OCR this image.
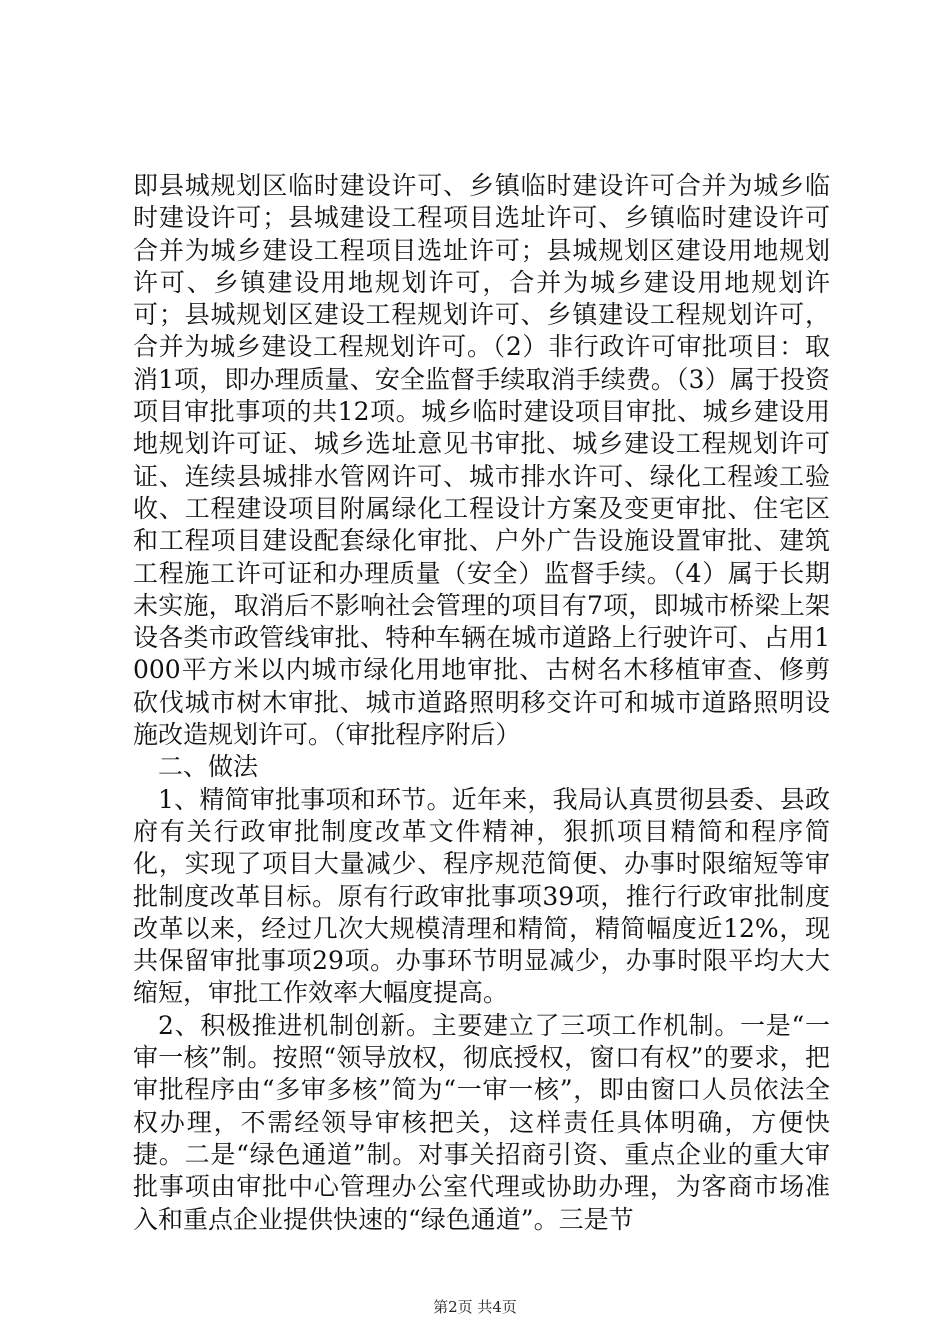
即县城规划区临时建设许可、乡镇临时建设许可合并为城乡临时建设许可；县城建设工程项目选址许可、乡镇临时建设许可合并为城乡建设工程项目选址许可；县城规划区建设用地规划许可、乡镇建设用地规划许可，合并为城乡建设用地规划许可；县城规划区建设工程规划许可、乡镇建设工程规划许可，合并为城乡建设工程规划许可。（2）非行政许可审批项目：取消1项，即办理质量、安全监督手续取消手续费。（3）属于投资项目审批事项的共12项。城乡临时建设项目审批、城乡建设用地规划许可证、城乡选址意见书审批、城乡建设工程规划许可证、连续县城排水管网许可、城市排水许可、绿化工程竣工验收、工程建设项目附属绿化工程设计方案及变更审批、住宅区和工程项目建设配套绿化审批、户外广告设施设置审批、建筑工程施工许可证和办理质量（安全）监督手续。（4）属于长期未实施，取消后不影响社会管理的项目有7项，即城市桥梁上架设各类市政管线审批、特种车辆在城市道路上行驶许可、占用1000平方米以内城市绿化用地审批、古树名木移植审查、修剪砍伐城市树木审批、城市道路照明移交许可和城市道路照明设施改造规划许可。（审批程序附后）

二、做法

1、精简审批事项和环节。近年来，我局认真贯彻县委、县政府有关行政审批制度改革文件精神，狠抓项目精简和程序简化，实现了项目大量减少、程序规范简便、办事时限缩短等审批制度改革目标。原有行政审批事项39项，推行行政审批制度改革以来，经过几次大规模清理和精简，精简幅度近12%，现共保留审批事项29项。办事环节明显减少，办事时限平均大大缩短，审批工作效率大幅度提高。

2、积极推进机制创新。主要建立了三项工作机制。一是“一审一核”制。按照“领导放权，彻底授权，窗口有权”的要求，把审批程序由“多审多核”简为“一审一核”，即由窗口人员依法全权办理，不需经领导审核把关，这样责任具体明确，方便快捷。二是“绿色通道”制。对事关招商引资、重点企业的重大审批事项由审批中心管理办公室代理或协助办理，为客商市场准入和重点企业提供快速的“绿色通道”。三是节

第2页 共4页
